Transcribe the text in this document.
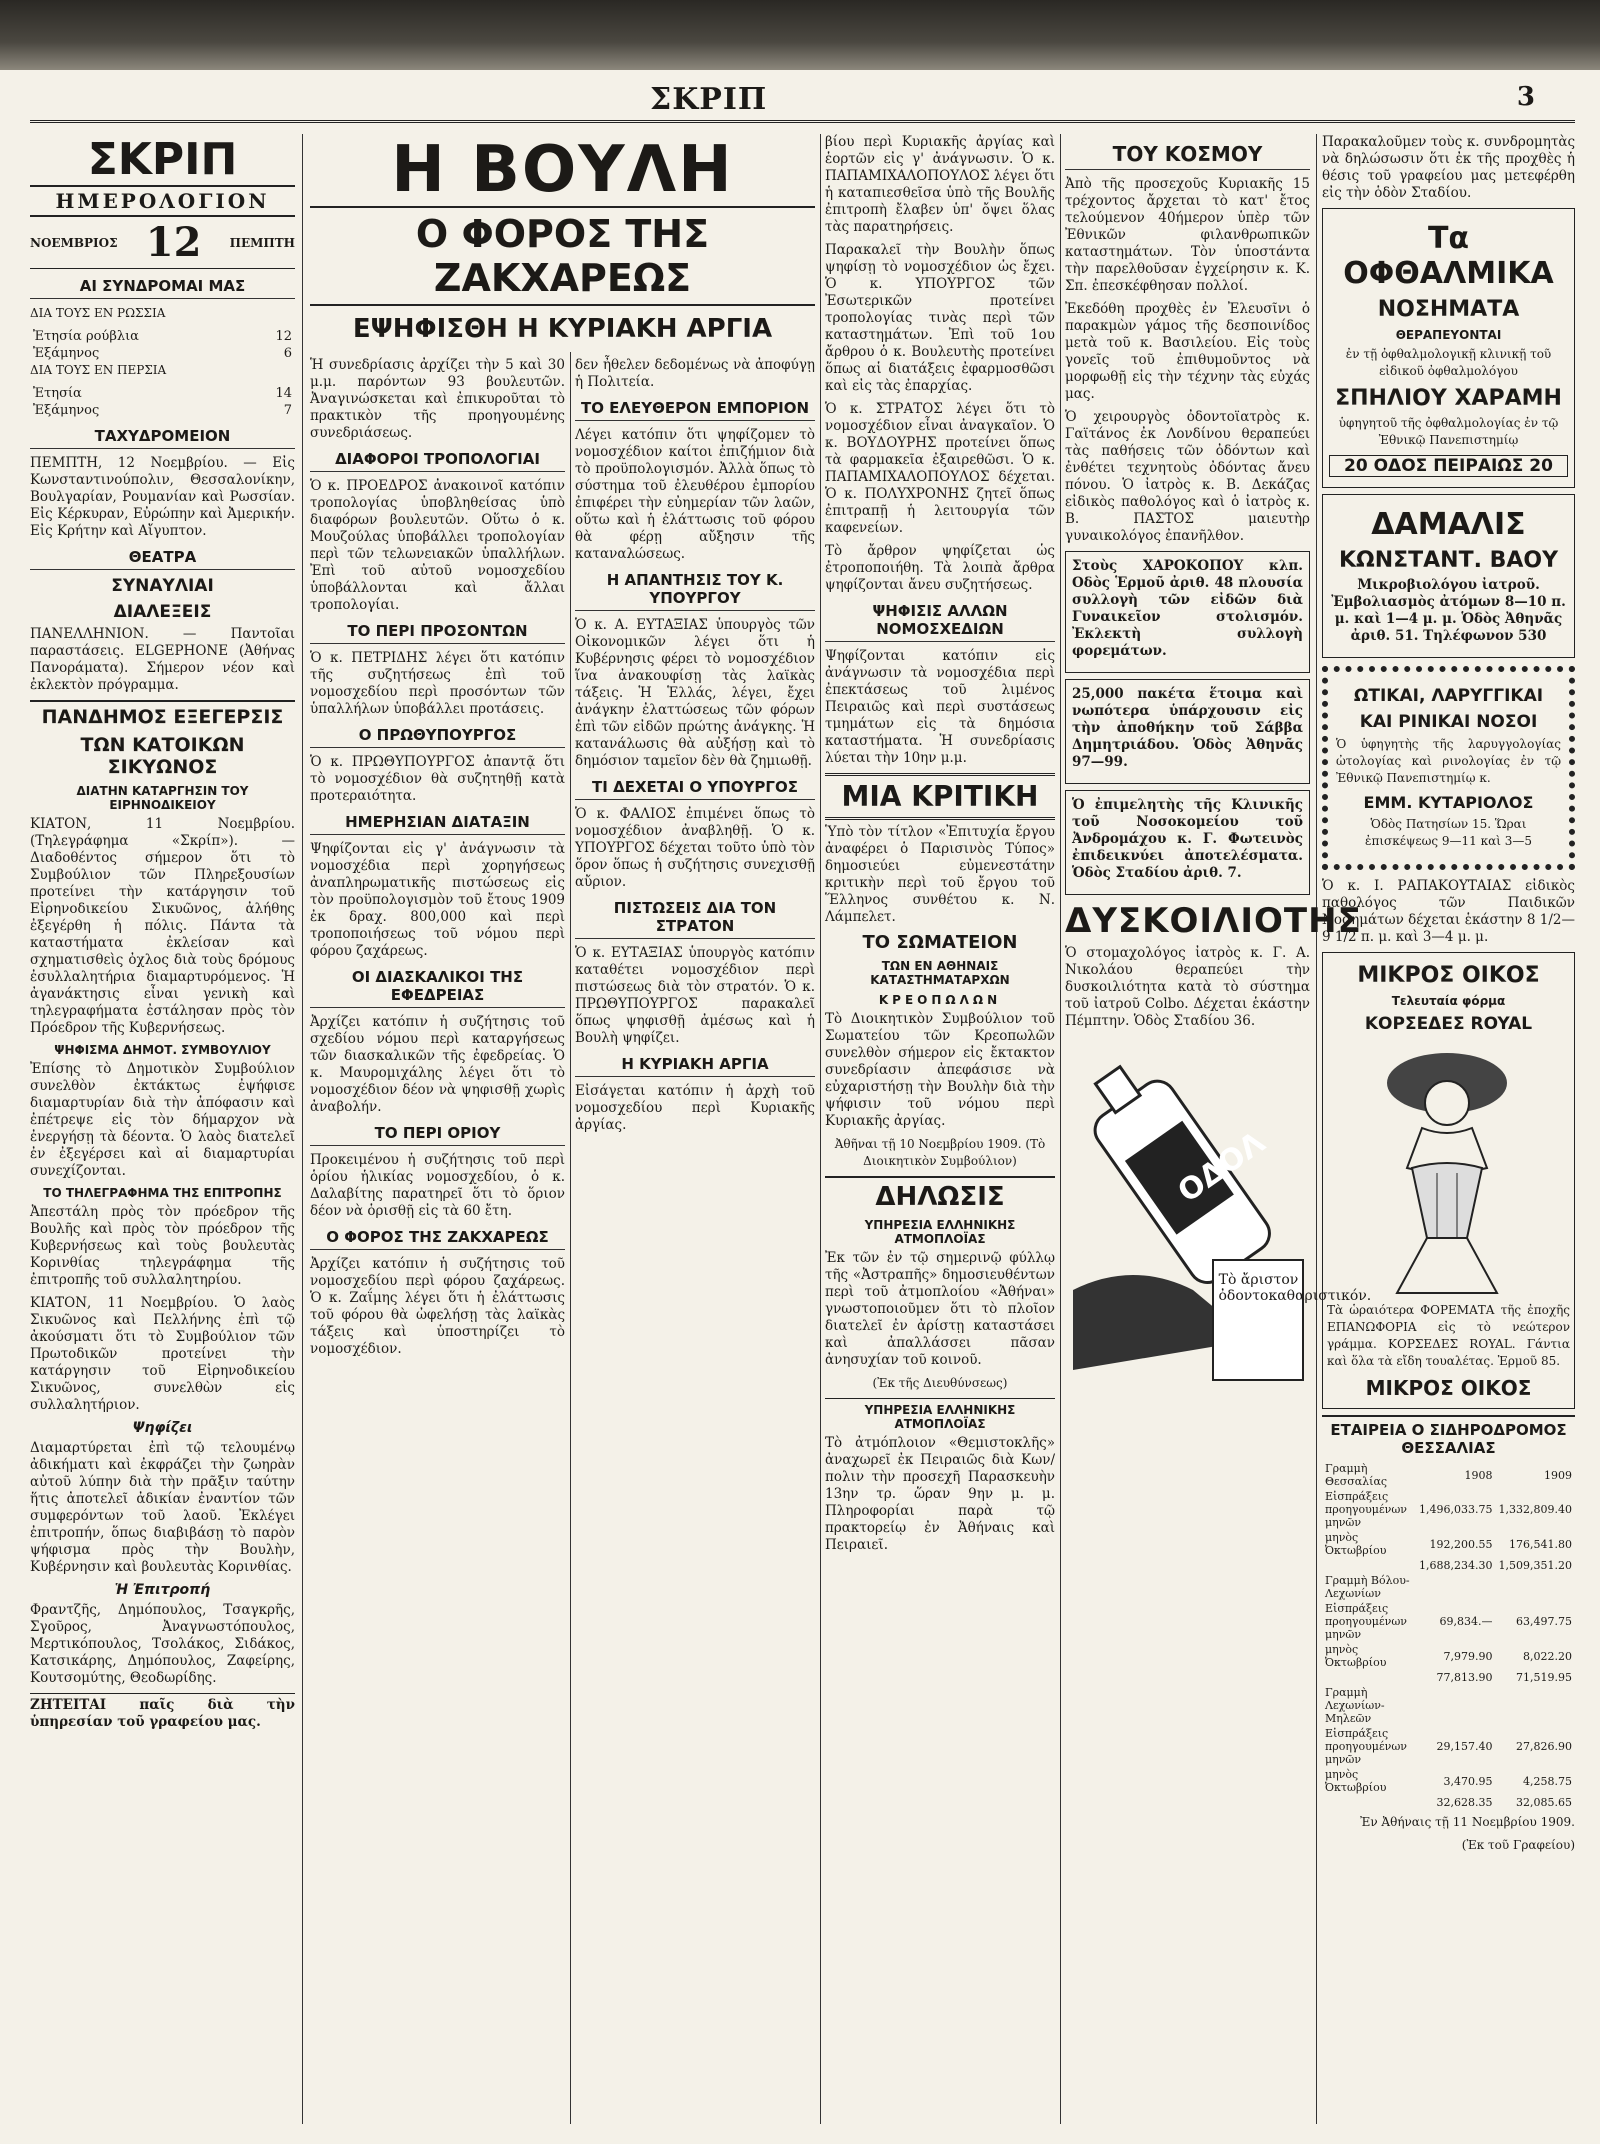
ΣΚΡΙΠ	3
ΣΚΡΙΠ
ΗΜΕΡΟΛΟΓΙΟΝ
ΝΟΕΜΒΡΙΟΣ 12 ΠΕΜΠΤΗ
ΑΙ ΣΥΝΔΡΟΜΑΙ ΜΑΣ

ΔΙΑ ΤΟΥΣ ΕΝ ΡΩΣΣΙΑ

Ἐτησία ρούβλια	12
Ἐξάμηνος	6

ΔΙΑ ΤΟΥΣ ΕΝ ΠΕΡΣΙΑ

Ἐτησία	14
Ἐξάμηνος	7
ΤΑΧΥΔΡΟΜΕΙΟΝ

ΠΕΜΠΤΗ, 12 Νοεμβρίου. — Εἰς Κωνσταντινούπολιν, Θεσσαλονίκην, Βουλγαρίαν, Ρουμανίαν καὶ Ρωσσίαν. Εἰς Κέρκυραν, Εὐρώπην καὶ Ἀμερικήν. Εἰς Κρήτην καὶ Αἴγυπτον.

ΘΕΑΤΡΑ
ΣΥΝΑΥΛΙΑΙ
ΔΙΑΛΕΞΕΙΣ

ΠΑΝΕΛΛΗΝΙΟΝ. — Παντοῖαι παραστάσεις. ELGEPHONE (Ἀθήνας Πανοράματα). Σήμερον νέον καὶ ἐκλεκτὸν πρόγραμμα.

ΠΑΝΔΗΜΟΣ ΕΞΕΓΕΡΣΙΣ
ΤΩΝ ΚΑΤΟΙΚΩΝ ΣΙΚΥΩΝΟΣ
ΔΙΑΤΗΝ ΚΑΤΑΡΓΗΣΙΝ ΤΟΥ ΕΙΡΗΝΟΔΙΚΕΙΟΥ

ΚΙΑΤΟΝ, 11 Νοεμβρίου. (Τηλεγράφημα «Σκρίπ»). — Διαδοθέντος σήμερον ὅτι τὸ Συμβούλιον τῶν Πληρεξουσίων προτείνει τὴν κατάργησιν τοῦ Εἰρηνοδικείου Σικυῶνος, ἀλήθης ἐξεγέρθη ἡ πόλις. Πάντα τὰ καταστήματα ἐκλείσαν καὶ σχηματισθεὶς ὀχλος διὰ τοὺς δρόμους ἐσυλλαλητήρια διαμαρτυρόμενος. Ἡ ἀγανάκτησις εἶναι γενικὴ καὶ τηλεγραφήματα ἐστάλησαν πρὸς τὸν Πρόεδρον τῆς Κυβερνήσεως.

ΨΗΦΙΣΜΑ ΔΗΜΟΤ. ΣΥΜΒΟΥΛΙΟΥ

Ἐπίσης τὸ Δημοτικὸν Συμβούλιον συνελθὸν ἐκτάκτως ἐψήφισε διαμαρτυρίαν διὰ τὴν ἀπόφασιν καὶ ἐπέτρεψε εἰς τὸν δήμαρχον νὰ ἐνεργήσῃ τὰ δέοντα. Ὁ λαὸς διατελεῖ ἐν ἐξεγέρσει καὶ αἱ διαμαρτυρίαι συνεχίζονται.

ΤΟ ΤΗΛΕΓΡΑΦΗΜΑ ΤΗΣ ΕΠΙΤΡΟΠΗΣ

Ἀπεστάλη πρὸς τὸν πρόεδρον τῆς Βουλῆς καὶ πρὸς τὸν πρόεδρον τῆς Κυβερνήσεως καὶ τοὺς βουλευτὰς Κορινθίας τηλεγράφημα τῆς ἐπιτροπῆς τοῦ συλλαλητηρίου.

ΚΙΑΤΟΝ, 11 Νοεμβρίου. Ὁ λαὸς Σικυῶνος καὶ Πελλήνης ἐπὶ τῷ ἀκούσματι ὅτι τὸ Συμβούλιον τῶν Πρωτοδικῶν προτείνει τὴν κατάργησιν τοῦ Εἰρηνοδικείου Σικυῶνος, συνελθὼν εἰς συλλαλητήριον.

Ψηφίζει

Διαμαρτύρεται ἐπὶ τῷ τελουμένῳ ἀδικήματι καὶ ἐκφράζει τὴν ζωηρὰν αὐτοῦ λύπην διὰ τὴν πρᾶξιν ταύτην ἥτις ἀποτελεῖ ἀδικίαν ἐναντίον τῶν συμφερόντων τοῦ λαοῦ. Ἐκλέγει ἐπιτροπήν, ὅπως διαβιβάσῃ τὸ παρὸν ψήφισμα πρὸς τὴν Βουλὴν, Κυβέρνησιν καὶ βουλευτὰς Κορινθίας.

Ἡ Ἐπιτροπή

Φραντζῆς, Δημόπουλος, Τσαγκρῆς, Σγοῦρος, Ἀναγνωστόπουλος, Μερτικόπουλος, Τσολάκος, Σιδάκος, Κατσικάρης, Δημόπουλος, Ζαφείρης, Κουτσομύτης, Θεοδωρίδης.

ΖΗΤΕΙΤΑΙ παῖς διὰ τὴν ὑπηρεσίαν τοῦ γραφείου μας.

Η ΒΟΥΛΗ
Ο ΦΟΡΟΣ ΤΗΣ ΖΑΚΧΑΡΕΩΣ
ΕΨΗΦΙΣΘΗ Η ΚΥΡΙΑΚΗ ΑΡΓΙΑ

Ἡ συνεδρίασις ἀρχίζει τὴν 5 καὶ 30 μ.μ. παρόντων 93 βουλευτῶν. Ἀναγινώσκεται καὶ ἐπικυροῦται τὸ πρακτικὸν τῆς προηγουμένης συνεδριάσεως.

ΔΙΑΦΟΡΟΙ ΤΡΟΠΟΛΟΓΙΑΙ

Ὁ κ. ΠΡΟΕΔΡΟΣ ἀνακοινοῖ κατόπιν τροπολογίας ὑποβληθείσας ὑπὸ διαφόρων βουλευτῶν. Οὕτω ὁ κ. Μουζούλας ὑποβάλλει τροπολογίαν περὶ τῶν τελωνειακῶν ὑπαλλήλων. Ἐπὶ τοῦ αὐτοῦ νομοσχεδίου ὑποβάλλονται καὶ ἄλλαι τροπολογίαι.

ΤΟ ΠΕΡΙ ΠΡΟΣΟΝΤΩΝ

Ὁ κ. ΠΕΤΡΙΔΗΣ λέγει ὅτι κατόπιν τῆς συζητήσεως ἐπὶ τοῦ νομοσχεδίου περὶ προσόντων τῶν ὑπαλλήλων ὑποβάλλει προτάσεις.

Ο ΠΡΩΘΥΠΟΥΡΓΟΣ

Ὁ κ. ΠΡΩΘΥΠΟΥΡΓΟΣ ἀπαντᾷ ὅτι τὸ νομοσχέδιον θὰ συζητηθῇ κατὰ προτεραιότητα.

ΗΜΕΡΗΣΙΑΝ ΔΙΑΤΑΞΙΝ

Ψηφίζονται εἰς γ' ἀνάγνωσιν τὰ νομοσχέδια περὶ χορηγήσεως ἀναπληρωματικῆς πιστώσεως εἰς τὸν προϋπολογισμὸν τοῦ ἔτους 1909 ἐκ δραχ. 800,000 καὶ περὶ τροποποιήσεως τοῦ νόμου περὶ φόρου ζαχάρεως.

ΟΙ ΔΙΑΣΚΑΛΙΚΟΙ ΤΗΣ ΕΦΕΔΡΕΙΑΣ

Ἀρχίζει κατόπιν ἡ συζήτησις τοῦ σχεδίου νόμου περὶ καταργήσεως τῶν διασκαλικῶν τῆς ἐφεδρείας. Ὁ κ. Μαυρομιχάλης λέγει ὅτι τὸ νομοσχέδιον δέον νὰ ψηφισθῇ χωρὶς ἀναβολήν.

ΤΟ ΠΕΡΙ ΟΡΙΟΥ

Προκειμένου ἡ συζήτησις τοῦ περὶ ὁρίου ἡλικίας νομοσχεδίου, ὁ κ. Δαλαβίτης παρατηρεῖ ὅτι τὸ ὅριον δέον νὰ ὁρισθῇ εἰς τὰ 60 ἔτη.

Ο ΦΟΡΟΣ ΤΗΣ ΖΑΚΧΑΡΕΩΣ

Ἀρχίζει κατόπιν ἡ συζήτησις τοῦ νομοσχεδίου περὶ φόρου ζαχάρεως. Ὁ κ. Ζαΐμης λέγει ὅτι ἡ ἐλάττωσις τοῦ φόρου θὰ ὠφελήσῃ τὰς λαϊκὰς τάξεις καὶ ὑποστηρίζει τὸ νομοσχέδιον.

δεν ἦθελεν δεδομένως νὰ ἀποφύγῃ ἡ Πολιτεία.

ΤΟ ΕΛΕΥΘΕΡΟΝ ΕΜΠΟΡΙΟΝ

Λέγει κατόπιν ὅτι ψηφίζομεν τὸ νομοσχέδιον καίτοι ἐπιζήμιον διὰ τὸ προϋπολογισμόν. Ἀλλὰ ὅπως τὸ σύστημα τοῦ ἐλευθέρου ἐμπορίου ἐπιφέρει τὴν εὐημερίαν τῶν λαῶν, οὕτω καὶ ἡ ἐλάττωσις τοῦ φόρου θὰ φέρῃ αὔξησιν τῆς καταναλώσεως.

Η ΑΠΑΝΤΗΣΙΣ ΤΟΥ Κ. ΥΠΟΥΡΓΟΥ

Ὁ κ. Α. ΕΥΤΑΞΙΑΣ ὑπουργὸς τῶν Οἰκονομικῶν λέγει ὅτι ἡ Κυβέρνησις φέρει τὸ νομοσχέδιον ἵνα ἀνακουφίσῃ τὰς λαϊκὰς τάξεις. Ἡ Ἑλλάς, λέγει, ἔχει ἀνάγκην ἐλαττώσεως τῶν φόρων ἐπὶ τῶν εἰδῶν πρώτης ἀνάγκης. Ἡ κατανάλωσις θὰ αὐξήσῃ καὶ τὸ δημόσιον ταμεῖον δὲν θὰ ζημιωθῇ.

ΤΙ ΔΕΧΕΤΑΙ Ο ΥΠΟΥΡΓΟΣ

Ὁ κ. ΦΑΛΙΟΣ ἐπιμένει ὅπως τὸ νομοσχέδιον ἀναβληθῇ. Ὁ κ. ΥΠΟΥΡΓΟΣ δέχεται τοῦτο ὑπὸ τὸν ὅρον ὅπως ἡ συζήτησις συνεχισθῇ αὔριον.

ΠΙΣΤΩΣΕΙΣ ΔΙΑ ΤΟΝ ΣΤΡΑΤΟΝ

Ὁ κ. ΕΥΤΑΞΙΑΣ ὑπουργὸς κατόπιν καταθέτει νομοσχέδιον περὶ πιστώσεως διὰ τὸν στρατόν. Ὁ κ. ΠΡΩΘΥΠΟΥΡΓΟΣ παρακαλεῖ ὅπως ψηφισθῇ ἀμέσως καὶ ἡ Βουλὴ ψηφίζει.

Η ΚΥΡΙΑΚΗ ΑΡΓΙΑ

Εἰσάγεται κατόπιν ἡ ἀρχὴ τοῦ νομοσχεδίου περὶ Κυριακῆς ἀργίας.

βίου περὶ Κυριακῆς ἀργίας καὶ ἑορτῶν εἰς γ' ἀνάγνωσιν. Ὁ κ. ΠΑΠΑΜΙΧΑΛΟΠΟΥΛΟΣ λέγει ὅτι ἡ καταπιεσθεῖσα ὑπὸ τῆς Βουλῆς ἐπιτροπὴ ἔλαβεν ὑπ' ὄψει ὅλας τὰς παρατηρήσεις.

Παρακαλεῖ τὴν Βουλὴν ὅπως ψηφίσῃ τὸ νομοσχέδιον ὡς ἔχει. Ὁ κ. ΥΠΟΥΡΓΟΣ τῶν Ἐσωτερικῶν προτείνει τροπολογίας τινὰς περὶ τῶν καταστημάτων. Ἐπὶ τοῦ 1ου ἄρθρου ὁ κ. Βουλευτὴς προτείνει ὅπως αἱ διατάξεις ἐφαρμοσθῶσι καὶ εἰς τὰς ἐπαρχίας.

Ὁ κ. ΣΤΡΑΤΟΣ λέγει ὅτι τὸ νομοσχέδιον εἶναι ἀναγκαῖον. Ὁ κ. ΒΟΥΔΟΥΡΗΣ προτείνει ὅπως τὰ φαρμακεῖα ἐξαιρεθῶσι. Ὁ κ. ΠΑΠΑΜΙΧΑΛΟΠΟΥΛΟΣ δέχεται. Ὁ κ. ΠΟΛΥΧΡΟΝΗΣ ζητεῖ ὅπως ἐπιτραπῇ ἡ λειτουργία τῶν καφενείων.

Τὸ ἄρθρον ψηφίζεται ὡς ἐτροποποιήθη. Τὰ λοιπὰ ἄρθρα ψηφίζονται ἄνευ συζητήσεως.

ΨΗΦΙΣΙΣ ΑΛΛΩΝ ΝΟΜΟΣΧΕΔΙΩΝ

Ψηφίζονται κατόπιν εἰς ἀνάγνωσιν τὰ νομοσχέδια περὶ ἐπεκτάσεως τοῦ λιμένος Πειραιῶς καὶ περὶ συστάσεως τμημάτων εἰς τὰ δημόσια καταστήματα. Ἡ συνεδρίασις λύεται τὴν 10ην μ.μ.

ΜΙΑ ΚΡΙΤΙΚΗ

Ὑπὸ τὸν τίτλον «Ἐπιτυχία ἔργου ἀναφέρει ὁ Παρισινὸς Τύπος» δημοσιεύει εὐμενεστάτην κριτικὴν περὶ τοῦ ἔργου τοῦ Ἕλληνος συνθέτου κ. Ν. Λάμπελετ.

ΤΟ ΣΩΜΑΤΕΙΟΝ
ΤΩΝ ΕΝ ΑΘΗΝΑΙΣ ΚΑΤΑΣΤΗΜΑΤΑΡΧΩΝ
ΚΡΕΟΠΩΛΩΝ

Τὸ Διοικητικὸν Συμβούλιον τοῦ Σωματείου τῶν Κρεοπωλῶν συνελθὸν σήμερον εἰς ἔκτακτον συνεδρίασιν ἀπεφάσισε νὰ εὐχαριστήσῃ τὴν Βουλὴν διὰ τὴν ψήφισιν τοῦ νόμου περὶ Κυριακῆς ἀργίας.

Ἀθῆναι τῇ 10 Νοεμβρίου 1909. (Τὸ Διοικητικὸν Συμβούλιον)

ΔΗΛΩΣΙΣ
ΥΠΗΡΕΣΙΑ ΕΛΛΗΝΙΚΗΣ ΑΤΜΟΠΛΟΪΑΣ

Ἐκ τῶν ἐν τῷ σημερινῷ φύλλῳ τῆς «Ἀστραπῆς» δημοσιευθέντων περὶ τοῦ ἀτμοπλοίου «Ἀθήναι» γνωστοποιοῦμεν ὅτι τὸ πλοῖον διατελεῖ ἐν ἀρίστῃ καταστάσει καὶ ἀπαλλάσσει πᾶσαν ἀνησυχίαν τοῦ κοινοῦ.

(Ἐκ τῆς Διευθύνσεως)

ΥΠΗΡΕΣΙΑ ΕΛΛΗΝΙΚΗΣ ΑΤΜΟΠΛΟΪΑΣ

Τὸ ἀτμόπλοιον «Θεμιστοκλῆς» ἀναχωρεῖ ἐκ Πειραιῶς διὰ Κων/πολιν τὴν προσεχῆ Παρασκευὴν 13ην τρ. ὥραν 9ην μ. μ. Πληροφορίαι παρὰ τῷ πρακτορείῳ ἐν Ἀθήναις καὶ Πειραιεῖ.

ΤΟΥ ΚΟΣΜΟΥ

Ἀπὸ τῆς προσεχοῦς Κυριακῆς 15 τρέχοντος ἄρχεται τὸ κατ' ἔτος τελούμενον 40ήμερον ὑπὲρ τῶν Ἐθνικῶν φιλανθρωπικῶν καταστημάτων. Τὸν ὑποστάντα τὴν παρελθοῦσαν ἐγχείρησιν κ. Κ. Σπ. ἐπεσκέφθησαν πολλοί.

Ἐκεδόθη προχθὲς ἐν Ἐλευσῖνι ὁ παρακμὼν γάμος τῆς δεσποινίδος μετὰ τοῦ κ. Βασιλείου. Εἰς τοὺς γονεῖς τοῦ ἐπιθυμοῦντος νὰ μορφωθῇ εἰς τὴν τέχνην τὰς εὐχάς μας.

Ὁ χειρουργὸς ὀδοντοϊατρὸς κ. Γαϊτάνος ἐκ Λονδίνου θεραπεύει τὰς παθήσεις τῶν ὀδόντων καὶ ἐνθέτει τεχνητοὺς ὀδόντας ἄνευ πόνου. Ὁ ἰατρὸς κ. Β. Δεκάζας εἰδικὸς παθολόγος καὶ ὁ ἰατρὸς κ. Β. ΠΑΣΤΟΣ μαιευτὴρ γυναικολόγος ἐπανῆλθον.

Στοὺς ΧΑΡΟΚΟΠΟΥ κλπ. Οδὸς Ἑρμοῦ ἀριθ. 48 πλουσία συλλογὴ τῶν εἰδῶν διὰ Γυναικεῖον στολισμόν. Ἐκλεκτὴ συλλογὴ φορεμάτων.

25,000 πακέτα ἕτοιμα καὶ νωπότερα ὑπάρχουσιν εἰς τὴν ἀποθήκην τοῦ Σάββα Δημητριάδου. Ὁδὸς Ἀθηνᾶς 97—99.

Ὁ ἐπιμελητὴς τῆς Κλινικῆς τοῦ Νοσοκομείου τοῦ Ἀνδρομάχου κ. Γ. Φωτεινὸς ἐπιδεικνύει ἀποτελέσματα. Ὁδὸς Σταδίου ἀριθ. 7.

ΔΥΣΚΟΙΛΙΟΤΗΣ

Ὁ στομαχολόγος ἰατρὸς κ. Γ. Α. Νικολάου θεραπεύει τὴν δυσκοιλιότητα κατὰ τὸ σύστημα τοῦ ἰατροῦ Colbo. Δέχεται ἑκάστην Πέμπτην. Ὁδὸς Σταδίου 36.

ΟΔΟΛ
Τὸ ἄριστον ὀδοντοκαθαριστικόν.

Παρακαλοῦμεν τοὺς κ. συνδρομητὰς νὰ δηλώσωσιν ὅτι ἐκ τῆς προχθὲς ἡ θέσις τοῦ γραφείου μας μετεφέρθη εἰς τὴν ὁδὸν Σταδίου.

Τα ΟΦΘΑΛΜΙΚΑ
ΝΟΣΗΜΑΤΑ
ΘΕΡΑΠΕΥΟΝΤΑΙ

ἐν τῇ ὀφθαλμολογικῇ κλινικῇ τοῦ εἰδικοῦ ὀφθαλμολόγου

ΣΠΗΛΙΟΥ ΧΑΡΑΜΗ

ὑφηγητοῦ τῆς ὀφθαλμολογίας ἐν τῷ Ἐθνικῷ Πανεπιστημίῳ

20 ΟΔΟΣ ΠΕΙΡΑΙΩΣ 20
ΔΑΜΑΛΙΣ
ΚΩΝΣΤΑΝΤ. ΒΑΟΥ

Μικροβιολόγου ἰατροῦ. Ἐμβολιασμὸς ἀτόμων 8—10 π. μ. καὶ 1—4 μ. μ. Ὁδὸς Ἀθηνᾶς ἀριθ. 51. Τηλέφωνον 530

ΩΤΙΚΑΙ, ΛΑΡΥΓΓΙΚΑΙ
ΚΑΙ ΡΙΝΙΚΑΙ ΝΟΣΟΙ

Ὁ ὑφηγητὴς τῆς λαρυγγολογίας ὠτολογίας καὶ ρινολογίας ἐν τῷ Ἐθνικῷ Πανεπιστημίῳ κ.

ΕΜΜ. ΚΥΤΑΡΙΟΛΟΣ

Ὁδὸς Πατησίων 15. Ὥραι ἐπισκέψεως 9—11 καὶ 3—5

Ὁ κ. Ι. ΡΑΠΑΚΟΥΤΑΙΑΣ εἰδικὸς παθολόγος τῶν Παιδικῶν Νοσημάτων δέχεται ἑκάστην 8 1/2—9 1/2 π. μ. καὶ 3—4 μ. μ.

ΜΙΚΡΟΣ ΟΙΚΟΣ
Τελευταία φόρμα
ΚΟΡΣΕΔΕΣ ROYAL

Τὰ ὡραιότερα ΦΟΡΕΜΑΤΑ τῆς ἐποχῆς ΕΠΑΝΩΦΟΡΙΑ εἰς τὸ νεώτερον γράμμα. ΚΟΡΣΕΔΕΣ ROYAL. Γάντια καὶ ὅλα τὰ εἴδη τουαλέτας. Ἑρμοῦ 85.

ΜΙΚΡΟΣ ΟΙΚΟΣ
ΕΤΑΙΡΕΙΑ Ο ΣΙΔΗΡΟΔΡΟΜΟΣ ΘΕΣΣΑΛΙΑΣ
Γραμμὴ Θεσσαλίας	1908	1909
Εἰσπράξεις προηγουμένων μηνῶν	1,496,033.75	1,332,809.40
μηνὸς Ὀκτωβρίου	192,200.55	176,541.80
	1,688,234.30	1,509,351.20
Γραμμὴ Βόλου-Λεχωνίων		
Εἰσπράξεις προηγουμένων μηνῶν	69,834.—	63,497.75
μηνὸς Ὀκτωβρίου	7,979.90	8,022.20
	77,813.90	71,519.95
Γραμμὴ Λεχωνίων-Μηλεῶν		
Εἰσπράξεις προηγουμένων μηνῶν	29,157.40	27,826.90
μηνὸς Ὀκτωβρίου	3,470.95	4,258.75
	32,628.35	32,085.65

Ἐν Ἀθήναις τῇ 11 Νοεμβρίου 1909.

(Ἐκ τοῦ Γραφείου)
